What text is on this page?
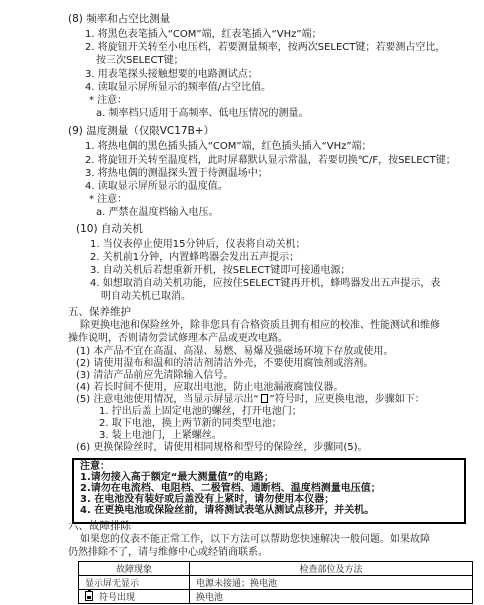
(8) 频率和占空比测量
1. 将黑色表笔插入“COM”端，红表笔插入“VHz”端；
2. 将旋钮开关转至小电压档，若要测量频率，按两次SELECT键；若要测占空比，
按三次SELECT键；
3. 用表笔探头接触想要的电路测试点；
4. 读取显示屏所显示的频率值/占空比值。
* 注意：
a. 频率档只适用于高频率、低电压情况的测量。
(9) 温度测量（仅限VC17B+）
1. 将热电偶的黑色插头插入“COM”端，红色插头插入“VHz”端；
2. 将旋钮开关转至温度档，此时屏幕默认显示常温，若要切换℃/F，按SELECT键；
3. 将热电偶的测温探头置于待测温场中；
4. 读取显示屏所显示的温度值。
* 注意：
a. 严禁在温度档输入电压。
(10) 自动关机
1. 当仪表停止使用15分钟后，仪表将自动关机；
2. 关机前1分钟，内置蜂鸣器会发出五声提示；
3. 自动关机后若想重新开机，按SELECT键即可接通电源；
4. 如想取消自动关机功能，应按住SELECT键再开机，蜂鸣器发出五声提示，表
明自动关机已取消。
五、保养维护
除更换电池和保险丝外，除非您具有合格资质且拥有相应的校准、性能测试和维修
操作说明，否则请勿尝试修理本产品或更改电路。
(1) 本产品不宜在高温、高湿、易燃、易爆及强磁场环境下存放或使用。
(2) 请使用湿布和温和的清洁剂清洁外壳，不要使用腐蚀剂或溶剂。
(3) 清洁产品前应先清除输入信号。
(4) 若长时间不使用，应取出电池，防止电池漏液腐蚀仪器。
(5) 注意电池使用情况，当显示屏显示出“ ”符号时，应更换电池，步骤如下：
1. 拧出后盖上固定电池的螺丝，打开电池门；
2. 取下电池，换上两节新的同类型电池；
3. 装上电池门，上紧螺丝。
(6) 更换保险丝时，请使用相同规格和型号的保险丝，步骤同(5)。
注意：
1.请勿接入高于额定“最大测量值”的电路；
2.请勿在电流档、电阻档、二极管档、通断档、温度档测量电压值；
3. 在电池没有装好或后盖没有上紧时，请勿使用本仪器；
4. 在更换电池或保险丝前，请将测试表笔从测试点移开，并关机。
六、故障排除
如果您的仪表不能正常工作，以下方法可以帮助您快速解决一般问题。如果故障
仍然排除不了，请与维修中心或经销商联系。
故障现象	检查部位及方法
显示屏无显示	电源未接通；换电池
符号出现	换电池
